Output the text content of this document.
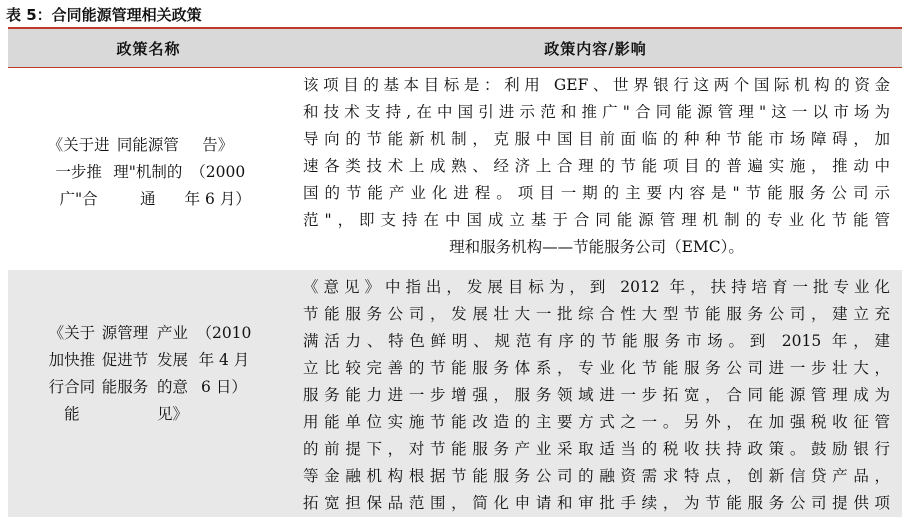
表 5：合同能源管理相关政策
政策名称	政策内容/影响
《关于进一步推广"合

同能源管理"机制的通

告》（2000 年 6 月）
该项目的基本目标是：利用 GEF、世界银行这两个国际机构的资金
和技术支持,在中国引进示范和推广"合同能源管理"这一以市场为
导向的节能新机制，克服中国目前面临的种种节能市场障碍，加
速各类技术上成熟、经济上合理的节能项目的普遍实施，推动中
国的节能产业化进程。项目一期的主要内容是"节能服务公司示
范"，即支持在中国成立基于合同能源管理机制的专业化节能管
理和服务机构——节能服务公司（EMC）。
《关于加快推行合同能

源管理促进节能服务

产业发展的意见》

（2010 年 4 月 6 日）
《意见》中指出，发展目标为，到 2012 年，扶持培育一批专业化
节能服务公司，发展壮大一批综合性大型节能服务公司，建立充
满活力、特色鲜明、规范有序的节能服务市场。到 2015 年，建
立比较完善的节能服务体系，专业化节能服务公司进一步壮大，
服务能力进一步增强，服务领域进一步拓宽，合同能源管理成为
用能单位实施节能改造的主要方式之一。另外，在加强税收征管
的前提下，对节能服务产业采取适当的税收扶持政策。鼓励银行
等金融机构根据节能服务公司的融资需求特点，创新信贷产品，
拓宽担保品范围，简化申请和审批手续，为节能服务公司提供项
